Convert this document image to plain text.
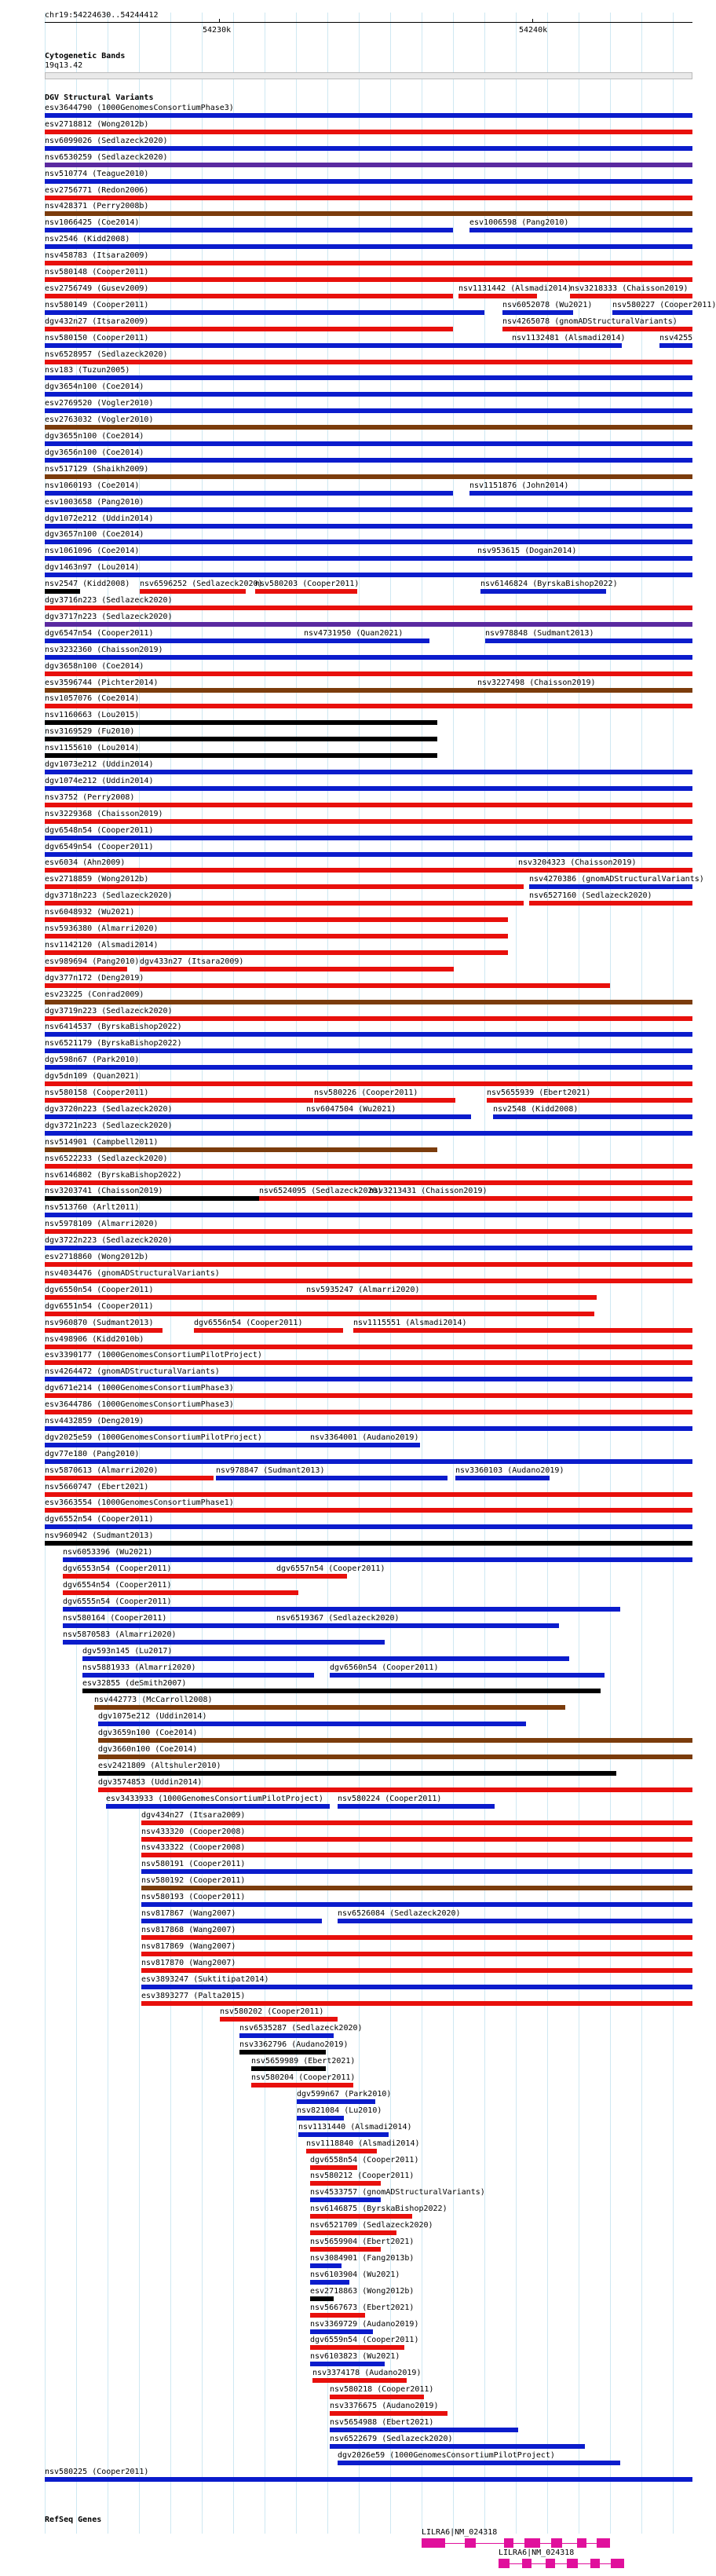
chr19:54224630..54244412
54230k	54240k
Cytogenetic Bands
19q13.42
DGV Structural Variants
esv3644790 (1000GenomesConsortiumPhase3)
esv2718812 (Wong2012b)
nsv6099026 (Sedlazeck2020)
nsv6530259 (Sedlazeck2020)
nsv510774 (Teague2010)
esv2756771 (Redon2006)
nsv428371 (Perry2008b)
nsv1066425 (Coe2014)	esv1006598 (Pang2010)
nsv2546 (Kidd2008)
nsv458783 (Itsara2009)
nsv580148 (Cooper2011)
esv2756749 (Gusev2009)	nsv1131442 (Alsmadi2014)
nsv3218333 (Chaisson2019)
nsv580149 (Cooper2011)	nsv6052078 (Wu2021)	nsv580227 (Cooper2011)
dgv432n27 (Itsara2009)	nsv4265078 (gnomADStructuralVariants)
nsv580150 (Cooper2011)	nsv1132481 (Alsmadi2014)	nsv4255
nsv6528957 (Sedlazeck2020)
nsv183 (Tuzun2005)
dgv3654n100 (Coe2014)
esv2769520 (Vogler2010)
esv2763032 (Vogler2010)
dgv3655n100 (Coe2014)
dgv3656n100 (Coe2014)
nsv517129 (Shaikh2009)
nsv1060193 (Coe2014)	nsv1151876 (John2014)
esv1003658 (Pang2010)
dgv1072e212 (Uddin2014)
dgv3657n100 (Coe2014)
nsv1061096 (Coe2014)	nsv953615 (Dogan2014)
dgv1463n97 (Lou2014)
nsv2547 (Kidd2008) nsv6596252 (Sedlazeck2020)
nsv580203 (Cooper2011)	nsv6146824 (ByrskaBishop2022)
dgv3716n223 (Sedlazeck2020)
dgv3717n223 (Sedlazeck2020)
dgv6547n54 (Cooper2011)	nsv4731950 (Quan2021)	nsv978848 (Sudmant2013)
nsv3232360 (Chaisson2019)
dgv3658n100 (Coe2014)
esv3596744 (Pichter2014)	nsv3227498 (Chaisson2019)
nsv1057076 (Coe2014)
nsv1160663 (Lou2015)
nsv3169529 (Fu2010)
nsv1155610 (Lou2014)
dgv1073e212 (Uddin2014)
dgv1074e212 (Uddin2014)
nsv3752 (Perry2008)
nsv3229368 (Chaisson2019)
dgv6548n54 (Cooper2011)
dgv6549n54 (Cooper2011)
esv6034 (Ahn2009)	nsv3204323 (Chaisson2019)
esv2718859 (Wong2012b)	nsv4270386 (gnomADStructuralVariants)
dgv3718n223 (Sedlazeck2020)	nsv6527160 (Sedlazeck2020)
nsv6048932 (Wu2021)
nsv5936380 (Almarri2020)
nsv1142120 (Alsmadi2014)
esv989694 (Pang2010) dgv433n27 (Itsara2009)
dgv377n172 (Deng2019)
esv23225 (Conrad2009)
dgv3719n223 (Sedlazeck2020)
nsv6414537 (ByrskaBishop2022)
nsv6521179 (ByrskaBishop2022)
dgv598n67 (Park2010)
dgv5dn109 (Quan2021)
nsv580158 (Cooper2011)	nsv580226 (Cooper2011)	nsv5655939 (Ebert2021)
dgv3720n223 (Sedlazeck2020)	nsv6047504 (Wu2021)	nsv2548 (Kidd2008)
dgv3721n223 (Sedlazeck2020)
nsv514901 (Campbell2011)
nsv6522233 (Sedlazeck2020)
nsv6146802 (ByrskaBishop2022)
nsv3203741 (Chaisson2019)	nsv6524095 (Sedlazeck2020)
nsv3213431 (Chaisson2019)
nsv513760 (Arlt2011)
nsv5978109 (Almarri2020)
dgv3722n223 (Sedlazeck2020)
esv2718860 (Wong2012b)
nsv4034476 (gnomADStructuralVariants)
dgv6550n54 (Cooper2011)	nsv5935247 (Almarri2020)
dgv6551n54 (Cooper2011)
nsv960870 (Sudmant2013)	dgv6556n54 (Cooper2011)	nsv1115551 (Alsmadi2014)
nsv498906 (Kidd2010b)
esv3390177 (1000GenomesConsortiumPilotProject)
nsv4264472 (gnomADStructuralVariants)
dgv671e214 (1000GenomesConsortiumPhase3)
esv3644786 (1000GenomesConsortiumPhase3)
nsv4432859 (Deng2019)
dgv2025e59 (1000GenomesConsortiumPilotProject)	nsv3364001 (Audano2019)
dgv77e180 (Pang2010)
nsv5870613 (Almarri2020)	nsv978847 (Sudmant2013)	nsv3360103 (Audano2019)
nsv5660747 (Ebert2021)
esv3663554 (1000GenomesConsortiumPhase1)
dgv6552n54 (Cooper2011)
nsv960942 (Sudmant2013)
nsv6053396 (Wu2021)
dgv6553n54 (Cooper2011)	dgv6557n54 (Cooper2011)
dgv6554n54 (Cooper2011)
dgv6555n54 (Cooper2011)
nsv580164 (Cooper2011)	nsv6519367 (Sedlazeck2020)
nsv5870583 (Almarri2020)
dgv593n145 (Lu2017)
nsv5881933 (Almarri2020)	dgv6560n54 (Cooper2011)
esv32855 (deSmith2007)
nsv442773 (McCarroll2008)
dgv1075e212 (Uddin2014)
dgv3659n100 (Coe2014)
dgv3660n100 (Coe2014)
esv2421809 (Altshuler2010)
dgv3574853 (Uddin2014)
esv3433933 (1000GenomesConsortiumPilotProject) nsv580224 (Cooper2011)
dgv434n27 (Itsara2009)
nsv433320 (Cooper2008)
nsv433322 (Cooper2008)
nsv580191 (Cooper2011)
nsv580192 (Cooper2011)
nsv580193 (Cooper2011)
nsv817867 (Wang2007)	nsv6526084 (Sedlazeck2020)
nsv817868 (Wang2007)
nsv817869 (Wang2007)
nsv817870 (Wang2007)
esv3893247 (Suktitipat2014)
esv3893277 (Palta2015)
nsv580202 (Cooper2011)
nsv6535287 (Sedlazeck2020)
nsv3362796 (Audano2019)
nsv5659989 (Ebert2021)
nsv580204 (Cooper2011)
dgv599n67 (Park2010)
nsv821084 (Lu2010)
nsv1131440 (Alsmadi2014)
nsv1118840 (Alsmadi2014)
dgv6558n54 (Cooper2011)
nsv580212 (Cooper2011)
nsv4533757 (gnomADStructuralVariants)
nsv6146875 (ByrskaBishop2022)
nsv6521709 (Sedlazeck2020)
nsv5659904 (Ebert2021)
nsv3084901 (Fang2013b)
nsv6103904 (Wu2021)
esv2718863 (Wong2012b)
nsv5667673 (Ebert2021)
nsv3369729 (Audano2019)
dgv6559n54 (Cooper2011)
nsv6103823 (Wu2021)
nsv3374178 (Audano2019)
nsv580218 (Cooper2011)
nsv3376675 (Audano2019)
nsv5654988 (Ebert2021)
nsv6522679 (Sedlazeck2020)
dgv2026e59 (1000GenomesConsortiumPilotProject)
nsv580225 (Cooper2011)
RefSeq Genes
LILRA6|NM_024318
LILRA6|NM_024318
